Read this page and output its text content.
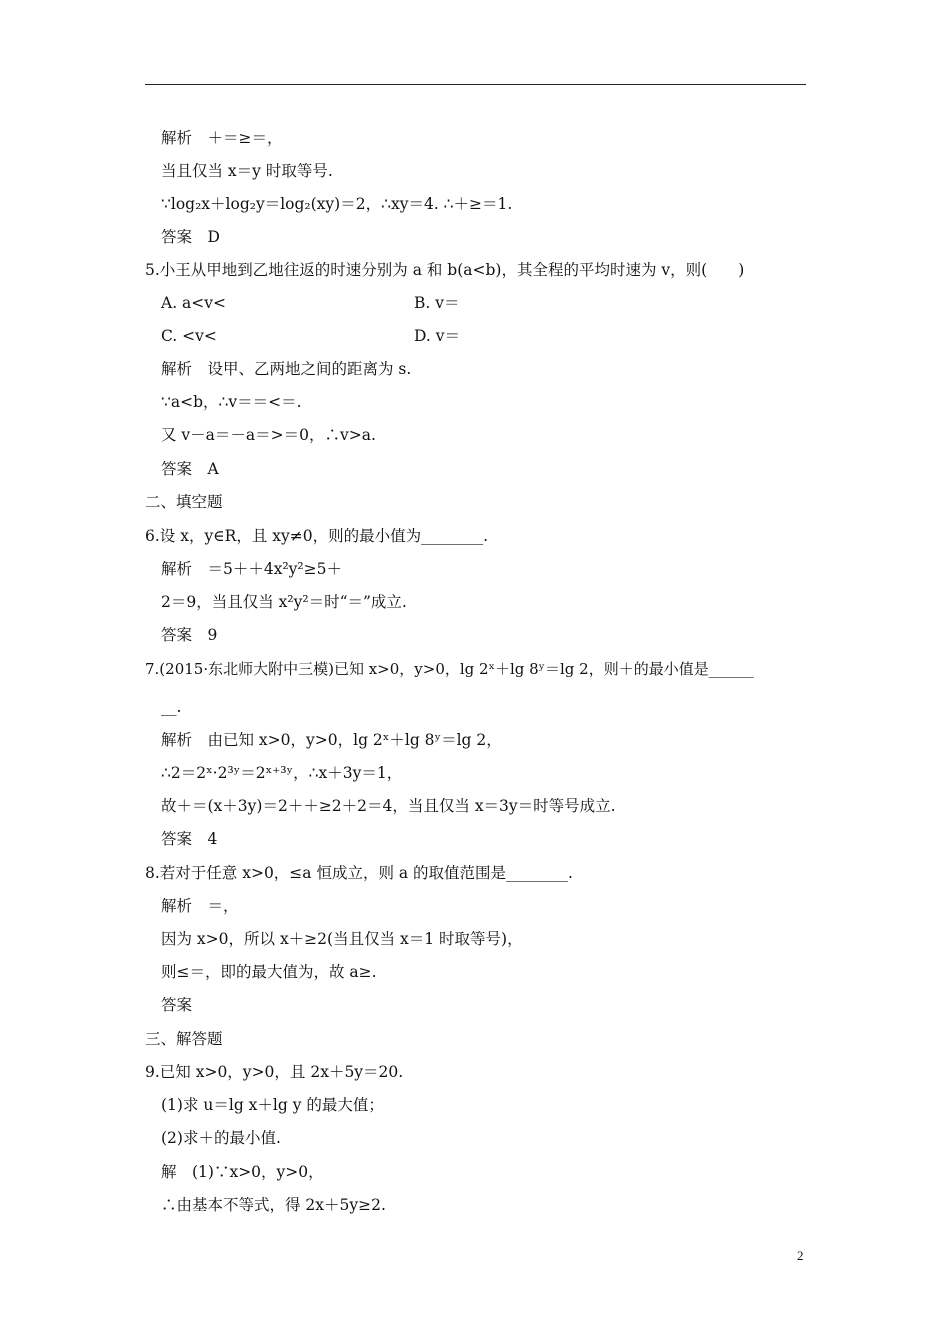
解析　＋＝≥＝，
当且仅当 x＝y 时取等号.
∵log₂x＋log₂y＝log₂(xy)＝2，∴xy＝4. ∴＋≥＝1.
答案　D
5.小王从甲地到乙地往返的时速分别为 a 和 b(a<b)，其全程的平均时速为 v，则(　　)
A. a<v<	B. v＝
C. <v<	D. v＝
解析　设甲、乙两地之间的距离为 s.
∵a<b，∴v＝＝<＝.
又 v－a＝－a＝>＝0，∴v>a.
答案　A
二、填空题
6.设 x，y∈R，且 xy≠0，则的最小值为________.
解析　＝5＋＋4x²y²≥5＋
2＝9，当且仅当 x²y²＝时“＝”成立.
答案　9
7.(2015·东北师大附中三模)已知 x>0，y>0，lg 2ˣ＋lg 8ʸ＝lg 2，则＋的最小值是______
__.
解析　由已知 x>0，y>0，lg 2ˣ＋lg 8ʸ＝lg 2，
∴2＝2ˣ·2³ʸ＝2ˣ⁺³ʸ，∴x＋3y＝1，
故＋＝(x＋3y)＝2＋＋≥2＋2＝4，当且仅当 x＝3y＝时等号成立.
答案　4
8.若对于任意 x>0，≤a 恒成立，则 a 的取值范围是________.
解析　＝，
因为 x>0，所以 x＋≥2(当且仅当 x＝1 时取等号)，
则≤＝，即的最大值为，故 a≥.
答案
三、解答题
9.已知 x>0，y>0，且 2x＋5y＝20.
(1)求 u＝lg x＋lg y 的最大值；
(2)求＋的最小值.
解　(1)∵x>0，y>0，
∴由基本不等式，得 2x＋5y≥2.
2
